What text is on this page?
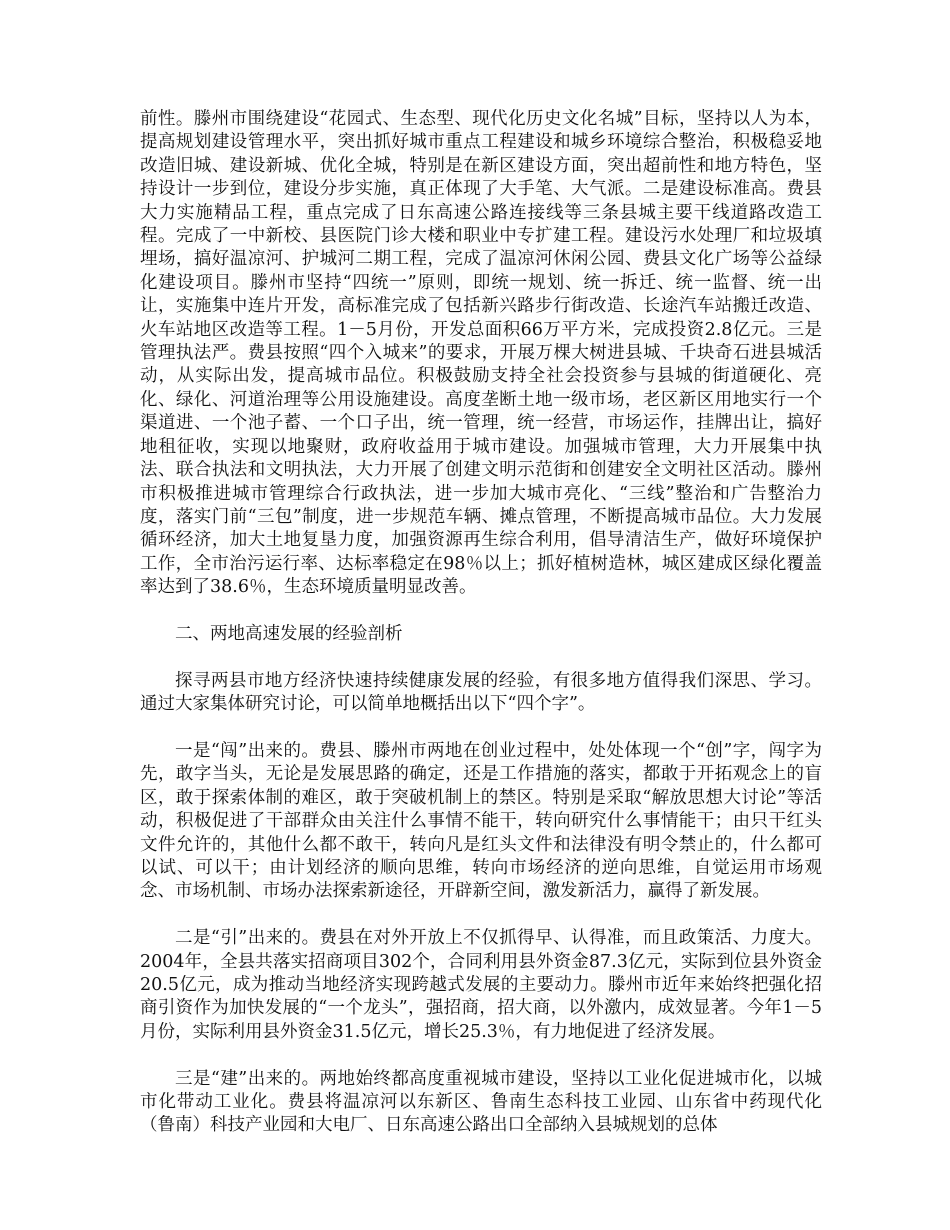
前性。滕州市围绕建设“花园式、生态型、现代化历史文化名城”目标，坚持以人为本，提高规划建设管理水平，突出抓好城市重点工程建设和城乡环境综合整治，积极稳妥地改造旧城、建设新城、优化全城，特别是在新区建设方面，突出超前性和地方特色，坚持设计一步到位，建设分步实施，真正体现了大手笔、大气派。二是建设标准高。费县大力实施精品工程，重点完成了日东高速公路连接线等三条县城主要干线道路改造工程。完成了一中新校、县医院门诊大楼和职业中专扩建工程。建设污水处理厂和垃圾填埋场，搞好温凉河、护城河二期工程，完成了温凉河休闲公园、费县文化广场等公益绿化建设项目。滕州市坚持“四统一”原则，即统一规划、统一拆迁、统一监督、统一出让，实施集中连片开发，高标准完成了包括新兴路步行街改造、长途汽车站搬迁改造、火车站地区改造等工程。1－5月份，开发总面积66万平方米，完成投资2.8亿元。三是管理执法严。费县按照“四个入城来”的要求，开展万棵大树进县城、千块奇石进县城活动，从实际出发，提高城市品位。积极鼓励支持全社会投资参与县城的街道硬化、亮化、绿化、河道治理等公用设施建设。高度垄断土地一级市场，老区新区用地实行一个渠道进、一个池子蓄、一个口子出，统一管理，统一经营，市场运作，挂牌出让，搞好地租征收，实现以地聚财，政府收益用于城市建设。加强城市管理，大力开展集中执法、联合执法和文明执法，大力开展了创建文明示范街和创建安全文明社区活动。滕州市积极推进城市管理综合行政执法，进一步加大城市亮化、“三线”整治和广告整治力度，落实门前“三包”制度，进一步规范车辆、摊点管理，不断提高城市品位。大力发展循环经济，加大土地复垦力度，加强资源再生综合利用，倡导清洁生产，做好环境保护工作，全市治污运行率、达标率稳定在98％以上；抓好植树造林，城区建成区绿化覆盖率达到了38.6％，生态环境质量明显改善。

二、两地高速发展的经验剖析

探寻两县市地方经济快速持续健康发展的经验，有很多地方值得我们深思、学习。通过大家集体研究讨论，可以简单地概括出以下“四个字”。

一是“闯”出来的。费县、滕州市两地在创业过程中，处处体现一个“创”字，闯字为先，敢字当头，无论是发展思路的确定，还是工作措施的落实，都敢于开拓观念上的盲区，敢于探索体制的难区，敢于突破机制上的禁区。特别是采取“解放思想大讨论”等活动，积极促进了干部群众由关注什么事情不能干，转向研究什么事情能干；由只干红头文件允许的，其他什么都不敢干，转向凡是红头文件和法律没有明令禁止的，什么都可以试、可以干；由计划经济的顺向思维，转向市场经济的逆向思维，自觉运用市场观念、市场机制、市场办法探索新途径，开辟新空间，激发新活力，赢得了新发展。

二是“引”出来的。费县在对外开放上不仅抓得早、认得准，而且政策活、力度大。2004年，全县共落实招商项目302个，合同利用县外资金87.3亿元，实际到位县外资金20.5亿元，成为推动当地经济实现跨越式发展的主要动力。滕州市近年来始终把强化招商引资作为加快发展的“一个龙头”，强招商，招大商，以外激内，成效显著。今年1－5月份，实际利用县外资金31.5亿元，增长25.3％，有力地促进了经济发展。

三是“建”出来的。两地始终都高度重视城市建设，坚持以工业化促进城市化，以城市化带动工业化。费县将温凉河以东新区、鲁南生态科技工业园、山东省中药现代化（鲁南）科技产业园和大电厂、日东高速公路出口全部纳入县城规划的总体
